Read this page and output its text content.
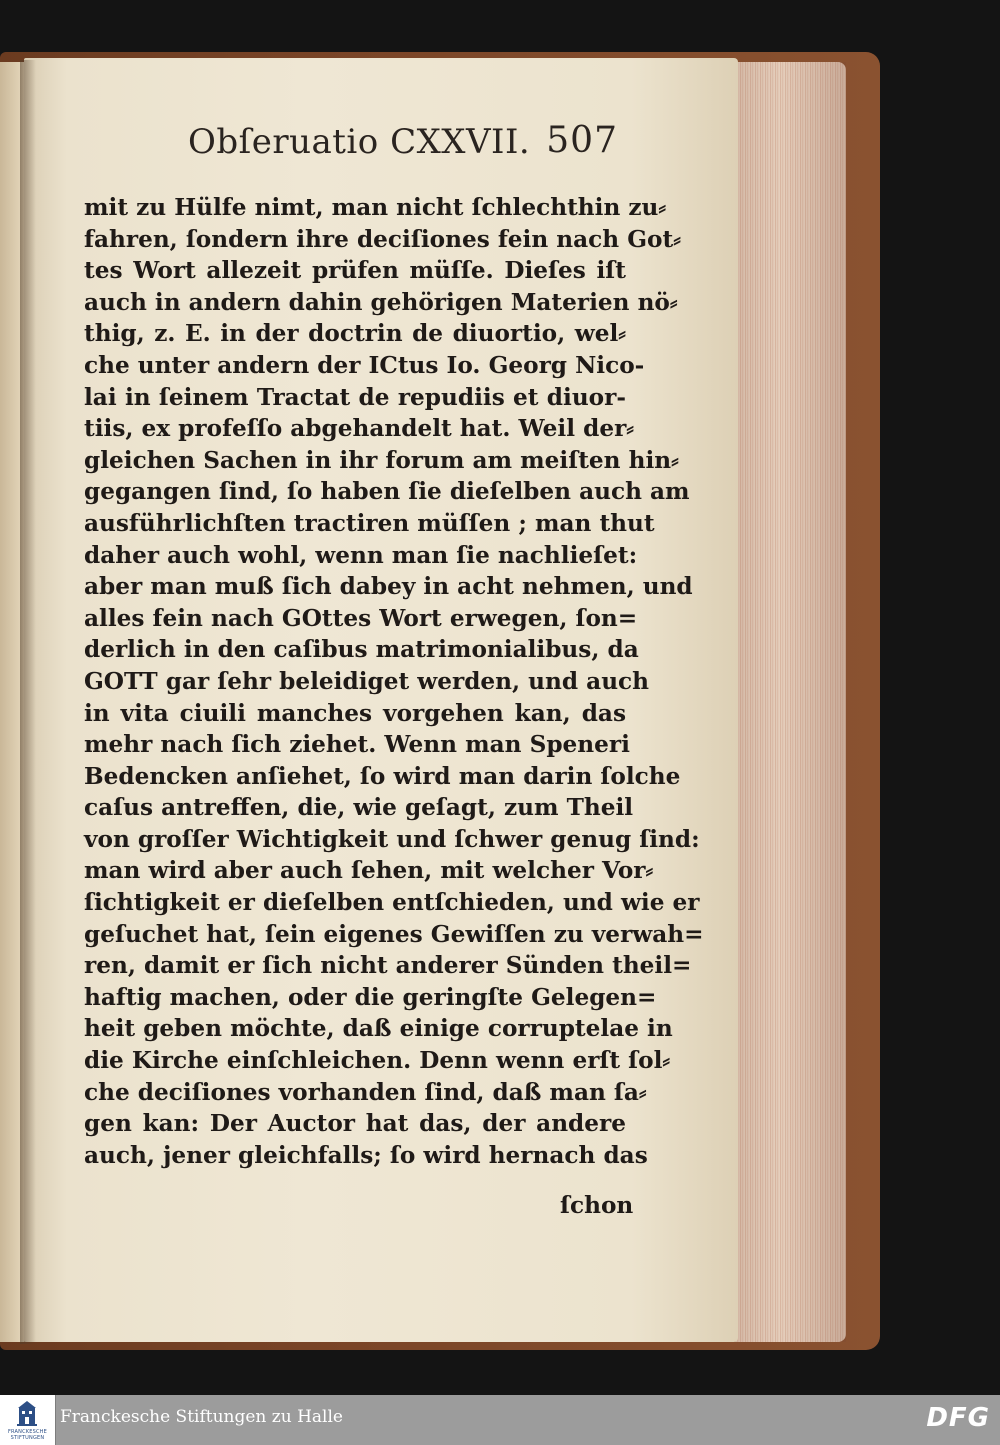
Obſeruatio CXXVII. 507
mit zu Hülfe nimt, man nicht ſchlechthin zu⸗
fahren, ſondern ihre deciſiones fein nach Got⸗
tes Wort allezeit prüfen müſſe. Dieſes iſt
auch in andern dahin gehörigen Materien nö⸗
thig, z. E. in der doctrin de diuortio, wel⸗
che unter andern der ICtus Io. Georg Nico-
lai in ſeinem Tractat de repudiis et diuor-
tiis, ex profeſſo abgehandelt hat. Weil der⸗
gleichen Sachen in ihr forum am meiſten hin⸗
gegangen ſind, ſo haben ſie dieſelben auch am
ausführlichſten tractiren müſſen ; man thut
daher auch wohl, wenn man ſie nachlieſet:
aber man muß ſich dabey in acht nehmen, und
alles fein nach GOttes Wort erwegen, ſon=
derlich in den caſibus matrimonialibus, da
GOTT gar ſehr beleidiget werden, und auch
in vita ciuili manches vorgehen kan, das
mehr nach ſich ziehet. Wenn man Speneri
Bedencken anſiehet, ſo wird man darin ſolche
caſus antreffen, die, wie geſagt, zum Theil
von groſſer Wichtigkeit und ſchwer genug ſind:
man wird aber auch ſehen, mit welcher Vor⸗
ſichtigkeit er dieſelben entſchieden, und wie er
geſuchet hat, ſein eigenes Gewiſſen zu verwah=
ren, damit er ſich nicht anderer Sünden theil=
haftig machen, oder die geringſte Gelegen=
heit geben möchte, daß einige corruptelae in
die Kirche einſchleichen. Denn wenn erſt ſol⸗
che deciſiones vorhanden ſind, daß man ſa⸗
gen kan: Der Auctor hat das, der andere
auch, jener gleichfalls; ſo wird hernach das
ſchon
FRANCKESCHE
STIFTUNGEN
Franckesche Stiftungen zu Halle	DFG
